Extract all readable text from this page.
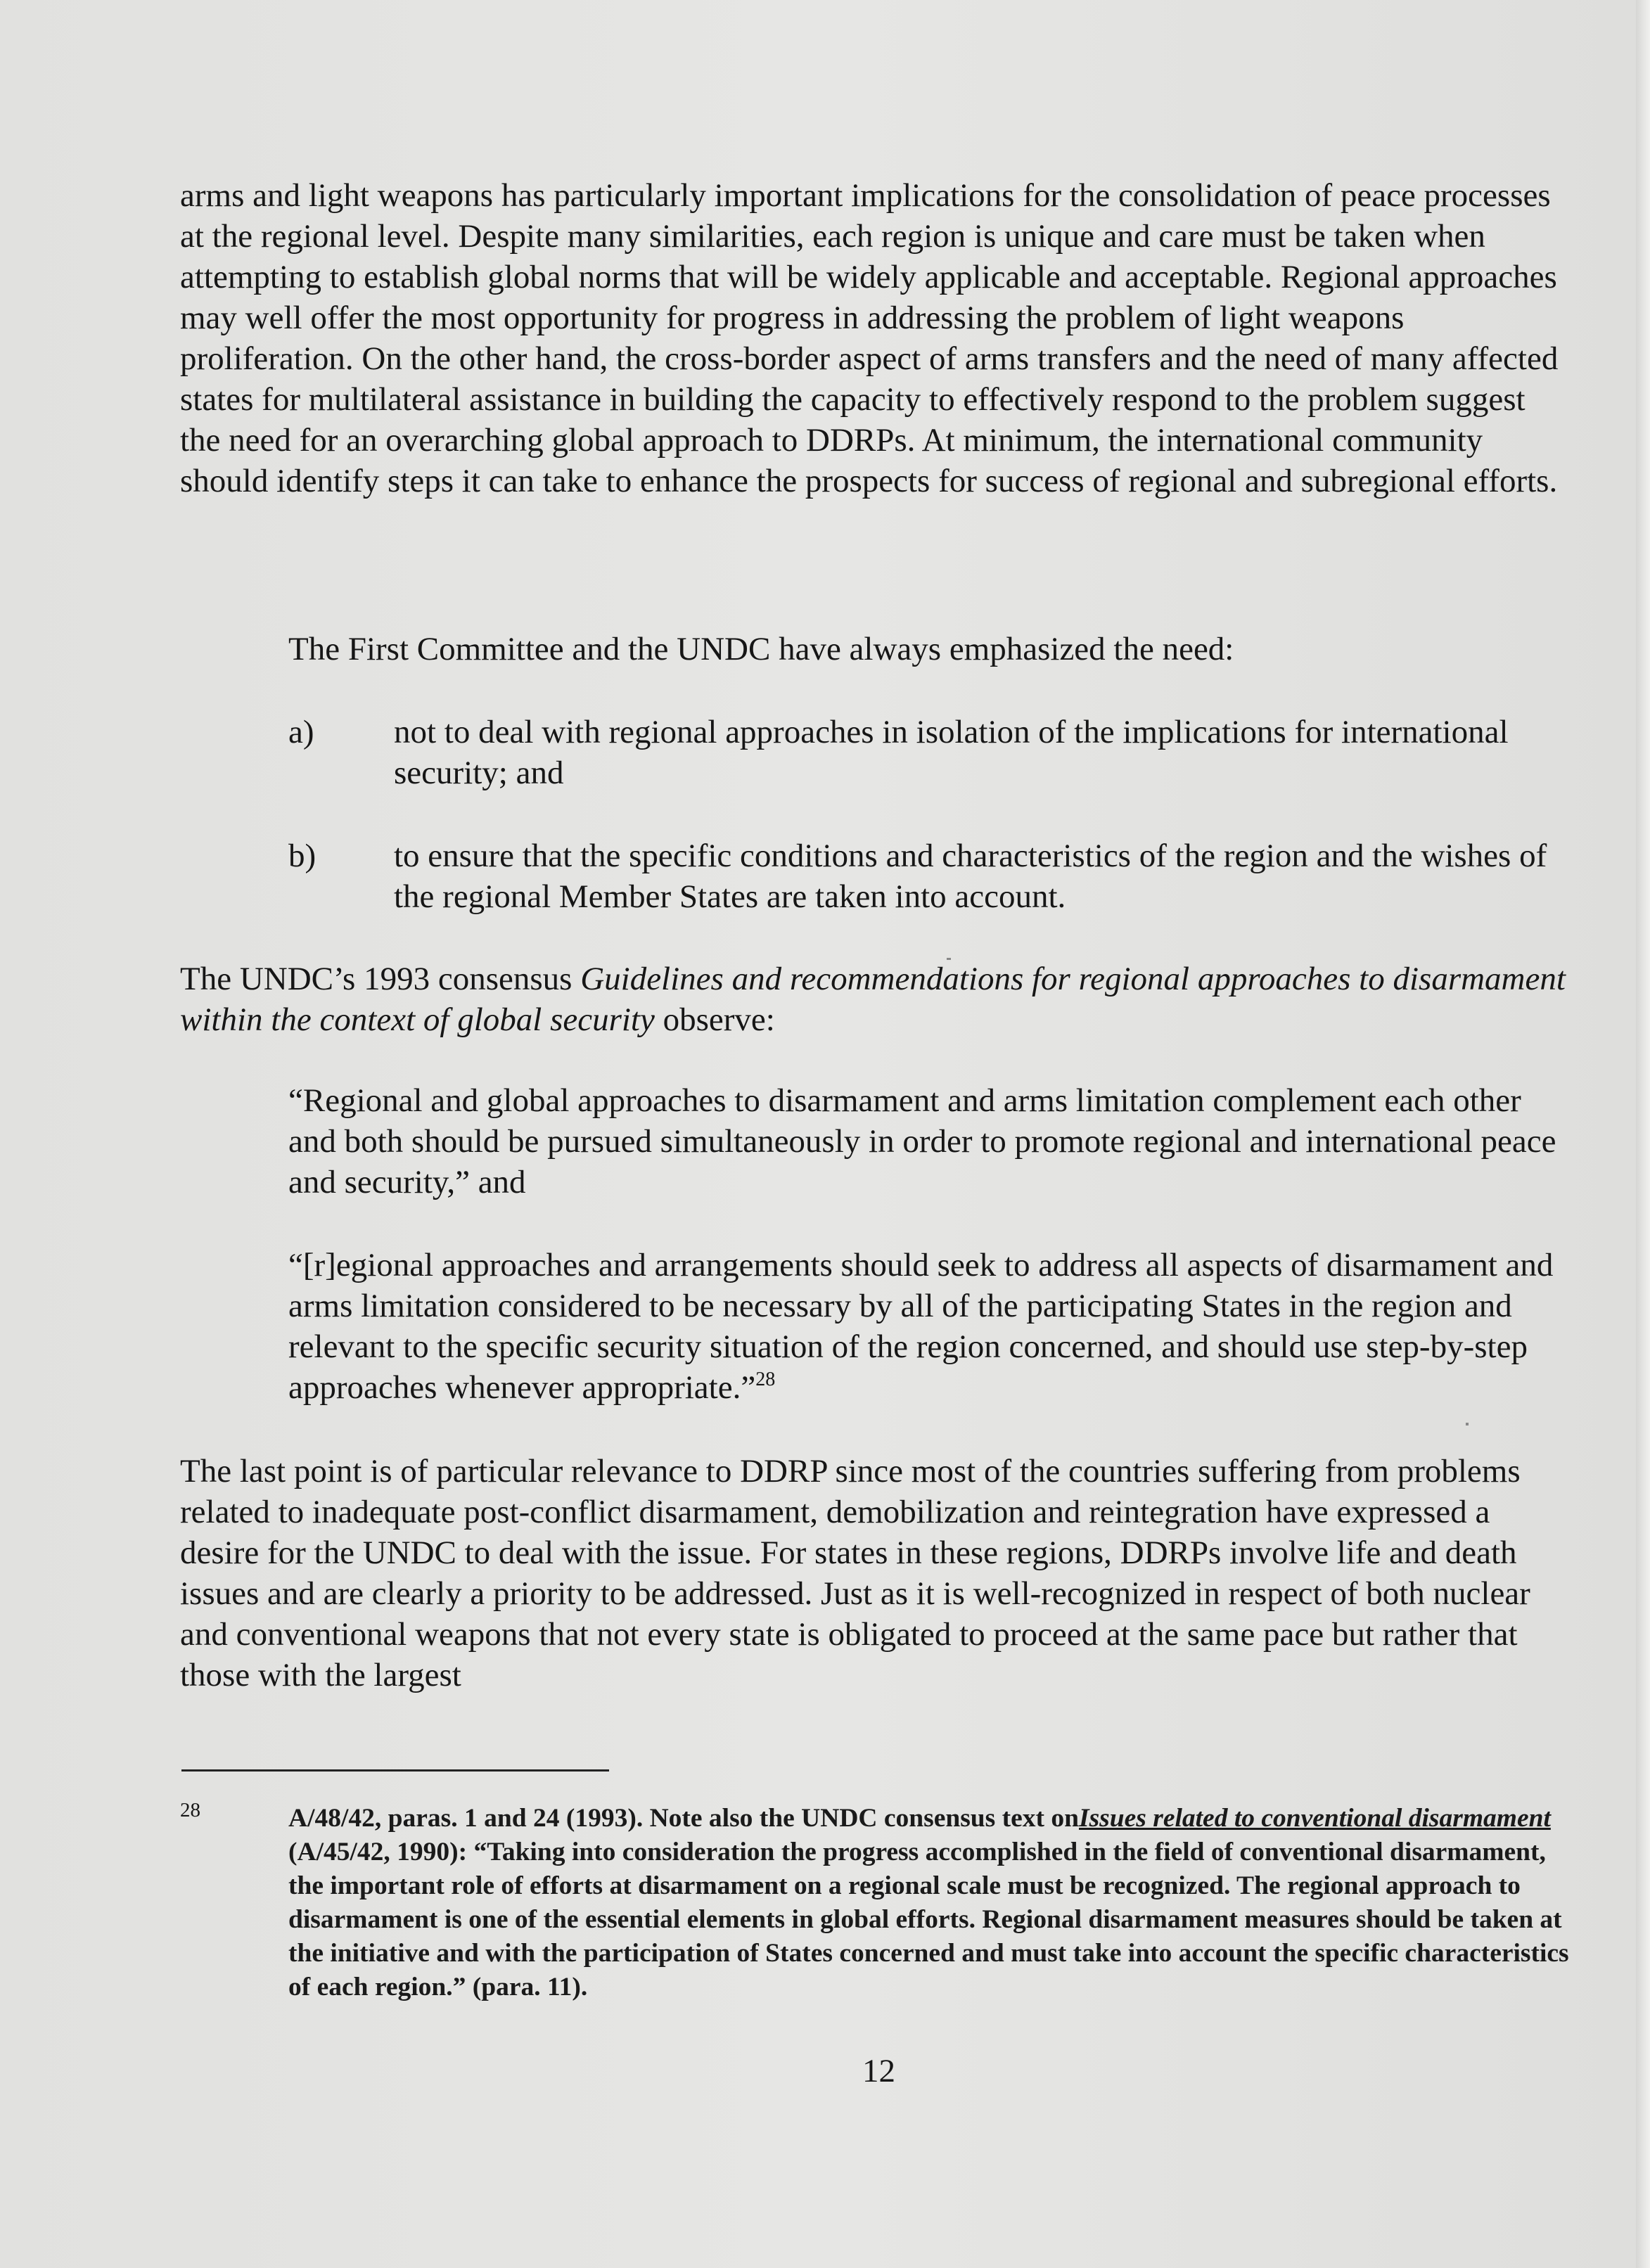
arms and light weapons has particularly important implications for the consolidation of peace processes at the regional level. Despite many similarities, each region is unique and care must be taken when attempting to establish global norms that will be widely applicable and acceptable. Regional approaches may well offer the most opportunity for progress in addressing the problem of light weapons proliferation. On the other hand, the cross-border aspect of arms transfers and the need of many affected states for multilateral assistance in building the capacity to effectively respond to the problem suggest the need for an overarching global approach to DDRPs. At minimum, the international community should identify steps it can take to enhance the prospects for success of regional and subregional efforts.

The First Committee and the UNDC have always emphasized the need:

a) not to deal with regional approaches in isolation of the implications for international security; and
b) to ensure that the specific conditions and characteristics of the region and the wishes of the regional Member States are taken into account.

The UNDC’s 1993 consensus Guidelines and recommendations for regional approaches to disarmament within the context of global security observe:

“Regional and global approaches to disarmament and arms limitation complement each other and both should be pursued simultaneously in order to promote regional and international peace and security,” and

“[r]egional approaches and arrangements should seek to address all aspects of disarmament and arms limitation considered to be necessary by all of the participating States in the region and relevant to the specific security situation of the region concerned, and should use step-by-step approaches whenever appropriate.”$^{28}$

The last point is of particular relevance to DDRP since most of the countries suffering from problems related to inadequate post-conflict disarmament, demobilization and reintegration have expressed a desire for the UNDC to deal with the issue. For states in these regions, DDRPs involve life and death issues and are clearly a priority to be addressed. Just as it is well-recognized in respect of both nuclear and conventional weapons that not every state is obligated to proceed at the same pace but rather that those with the largest

28	A/48/42, paras. 1 and 24 (1993). Note also the UNDC consensus text onIssues related to conventional disarmament (A/45/42, 1990): “Taking into consideration the progress accomplished in the field of conventional disarmament, the important role of efforts at disarmament on a regional scale must be recognized. The regional approach to disarmament is one of the essential elements in global efforts. Regional disarmament measures should be taken at the initiative and with the participation of States concerned and must take into account the specific characteristics of each region.” (para. 11).

12
